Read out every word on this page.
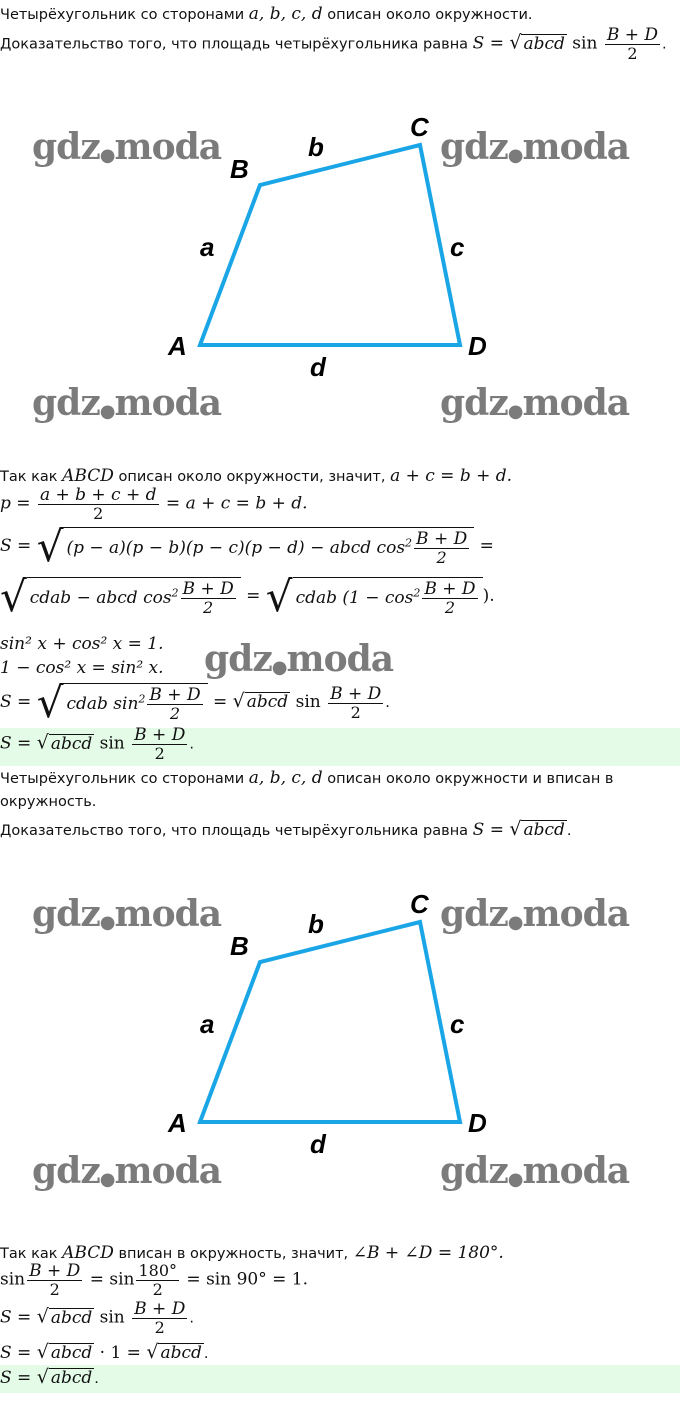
Четырёхугольник со сторонами a, b, c, d описан около окружности.
Доказательство того, что площадь четырёхугольника равна S = √ abcd $\sin \frac{B + D}{2}$ .
A
B
C
D
a
b
c
d
gdz●moda	gdz●moda
gdz●moda	gdz●moda
Так как ABCD описан около окружности, значит, a + c = b + d.
$p = \frac{a + b + c + d}{2} = a + c = b + d$.
S = √ (p − a)(p − b)(p − c)(p − d) − abcd $\cos^2 \frac{B + D}{2}$ =
√ cdab − abcd $\cos^2 \frac{B + D}{2}$ = √ cdab ($1 - \cos^2 \frac{B + D}{2}$ ).
sin² x + cos² x = 1.
1 − cos² x = sin² x. gdz●moda
S = √ cdab $\sin^2 \frac{B + D}{2}$ = √ abcd $\sin \frac{B + D}{2}$ .
S = √ abcd $\sin \frac{B + D}{2}$ .
Четырёхугольник со сторонами a, b, c, d описан около окружности и вписан в
окружность.
Доказательство того, что площадь четырёхугольника равна S = √ abcd .
A
B
C
D
a
b
c
d
gdz●moda	gdz●moda
gdz●moda	gdz●moda
Так как ABCD вписан в окружность, значит, ∠B + ∠D = 180°.
$\sin \frac{B + D}{2} = \sin \frac{180^\circ}{2} = \sin 90^\circ = 1$.
S = √ abcd $\sin \frac{B + D}{2}$ .
S = √ abcd · 1 = √ abcd .
S = √ abcd .
